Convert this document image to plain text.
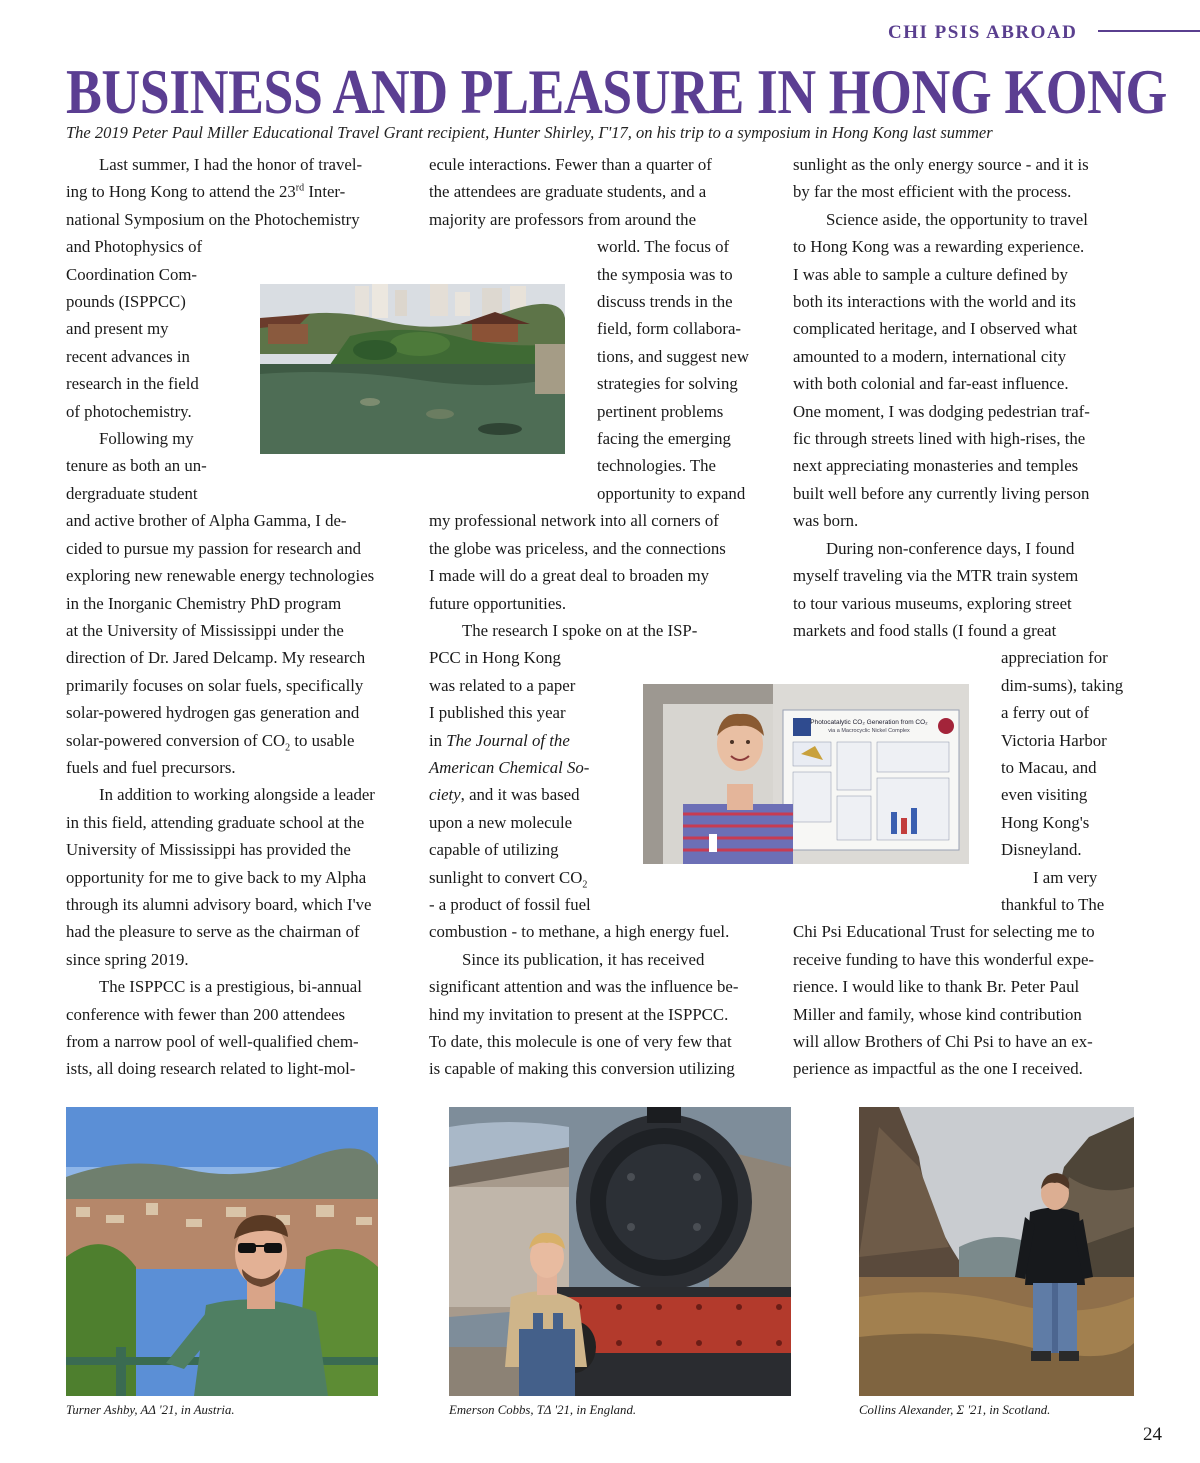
CHI PSIS ABROAD
BUSINESS AND PLEASURE IN HONG KONG
The 2019 Peter Paul Miller Educational Travel Grant recipient, Hunter Shirley, Γ'17, on his trip to a symposium in Hong Kong last summer

Last summer, I had the honor of travel-

ing to Hong Kong to attend the 23rd Inter-

national Symposium on the Photochemistry

and Photophysics of

Coordination Com-

pounds (ISPPCC)

and present my

recent advances in

research in the field

of photochemistry.

Following my

tenure as both an un-

dergraduate student

and active brother of Alpha Gamma, I de-

cided to pursue my passion for research and

exploring new renewable energy technologies

in the Inorganic Chemistry PhD program

at the University of Mississippi under the

direction of Dr. Jared Delcamp. My research

primarily focuses on solar fuels, specifically

solar-powered hydrogen gas generation and

solar-powered conversion of $CO_2$ to usable

fuels and fuel precursors.

In addition to working alongside a leader

in this field, attending graduate school at the

University of Mississippi has provided the

opportunity for me to give back to my Alpha

through its alumni advisory board, which I've

had the pleasure to serve as the chairman of

since spring 2019.

The ISPPCC is a prestigious, bi-annual

conference with fewer than 200 attendees

from a narrow pool of well-qualified chem-

ists, all doing research related to light-mol-

ecule interactions. Fewer than a quarter of

the attendees are graduate students, and a

majority are professors from around the

world. The focus of

the symposia was to

discuss trends in the

field, form collabora-

tions, and suggest new

strategies for solving

pertinent problems

facing the emerging

technologies. The

opportunity to expand

my professional network into all corners of

the globe was priceless, and the connections

I made will do a great deal to broaden my

future opportunities.

The research I spoke on at the ISP-

PCC in Hong Kong

was related to a paper

I published this year

in The Journal of the

American Chemical So-

ciety, and it was based

upon a new molecule

capable of utilizing

sunlight to convert $CO_2$

- a product of fossil fuel

combustion - to methane, a high energy fuel.

Since its publication, it has received

significant attention and was the influence be-

hind my invitation to present at the ISPPCC.

To date, this molecule is one of very few that

is capable of making this conversion utilizing

sunlight as the only energy source - and it is

by far the most efficient with the process.

Science aside, the opportunity to travel

to Hong Kong was a rewarding experience.

I was able to sample a culture defined by

both its interactions with the world and its

complicated heritage, and I observed what

amounted to a modern, international city

with both colonial and far-east influence.

One moment, I was dodging pedestrian traf-

fic through streets lined with high-rises, the

next appreciating monasteries and temples

built well before any currently living person

was born.

During non-conference days, I found

myself traveling via the MTR train system

to tour various museums, exploring street

markets and food stalls (I found a great

appreciation for

dim-sums), taking

a ferry out of

Victoria Harbor

to Macau, and

even visiting

Hong Kong's

Disneyland.

I am very

thankful to The

Chi Psi Educational Trust for selecting me to

receive funding to have this wonderful expe-

rience. I would like to thank Br. Peter Paul

Miller and family, whose kind contribution

will allow Brothers of Chi Psi to have an ex-

perience as impactful as the one I received.

Photocatalytic CO₂ Generation from CO₂
via a Macrocyclic Nickel Complex
Turner Ashby, AΔ '21, in Austria.	Emerson Cobbs, TΔ '21, in England.	Collins Alexander, Σ '21, in Scotland.
24
